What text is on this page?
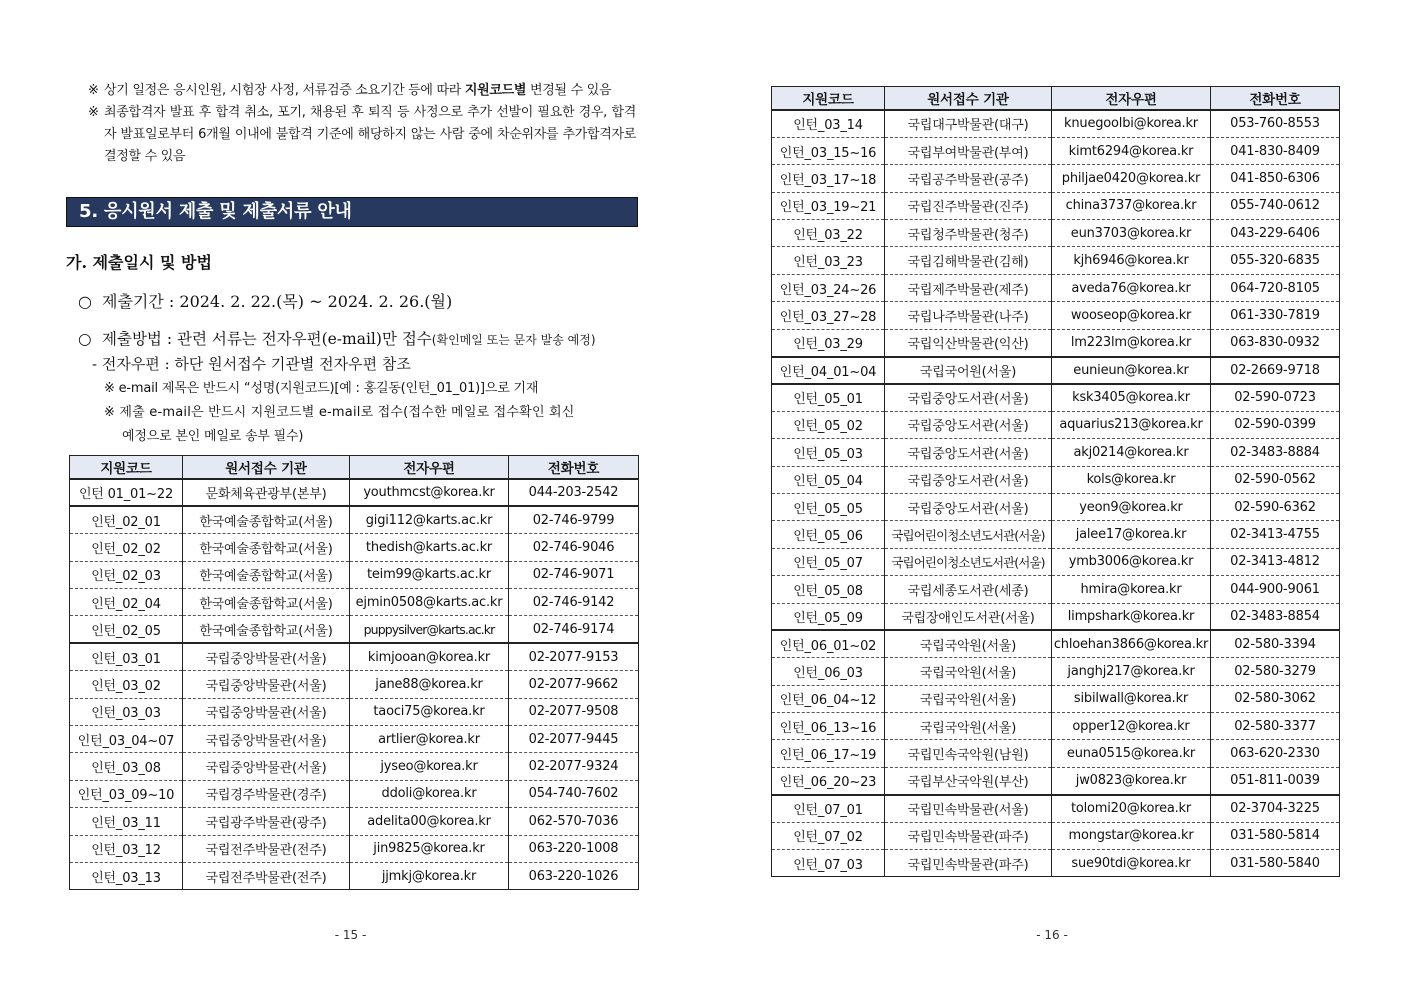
※ 상기 일정은 응시인원, 시험장 사정, 서류검증 소요기간 등에 따라 지원코드별 변경될 수 있음
※ 최종합격자 발표 후 합격 취소, 포기, 채용된 후 퇴직 등 사정으로 추가 선발이 필요한 경우, 합격자 발표일로부터 6개월 이내에 불합격 기준에 해당하지 않는 사람 중에 차순위자를 추가합격자로 결정할 수 있음
5. 응시원서 제출 및 제출서류 안내
가. 제출일시 및 방법
○ 제출기간 : 2024. 2. 22.(목) ~ 2024. 2. 26.(월)
○ 제출방법 : 관련 서류는 전자우편(e-mail)만 접수(확인메일 또는 문자 발송 예정)
- 전자우편 : 하단 원서접수 기관별 전자우편 참조
※ e-mail 제목은 반드시 “성명(지원코드)[예 : 홍길동(인턴_01_01)]으로 기재
※ 제출 e-mail은 반드시 지원코드별 e-mail로 접수(접수한 메일로 접수확인 회신
예정으로 본인 메일로 송부 필수)
지원코드	원서접수 기관	전자우편	전화번호
인턴 01_01~22	문화체육관광부(본부)	youthmcst@korea.kr	044-203-2542
인턴_02_01	한국예술종합학교(서울)	gigi112@karts.ac.kr	02-746-9799
인턴_02_02	한국예술종합학교(서울)	thedish@karts.ac.kr	02-746-9046
인턴_02_03	한국예술종합학교(서울)	teim99@karts.ac.kr	02-746-9071
인턴_02_04	한국예술종합학교(서울)	ejmin0508@karts.ac.kr	02-746-9142
인턴_02_05	한국예술종합학교(서울)	puppysilver@karts.ac.kr	02-746-9174
인턴_03_01	국립중앙박물관(서울)	kimjooan@korea.kr	02-2077-9153
인턴_03_02	국립중앙박물관(서울)	jane88@korea.kr	02-2077-9662
인턴_03_03	국립중앙박물관(서울)	taoci75@korea.kr	02-2077-9508
인턴_03_04~07	국립중앙박물관(서울)	artlier@korea.kr	02-2077-9445
인턴_03_08	국립중앙박물관(서울)	jyseo@korea.kr	02-2077-9324
인턴_03_09~10	국립경주박물관(경주)	ddoli@korea.kr	054-740-7602
인턴_03_11	국립광주박물관(광주)	adelita00@korea.kr	062-570-7036
인턴_03_12	국립전주박물관(전주)	jin9825@korea.kr	063-220-1008
인턴_03_13	국립전주박물관(전주)	jjmkj@korea.kr	063-220-1026
- 15 -
지원코드	원서접수 기관	전자우편	전화번호
인턴_03_14	국립대구박물관(대구)	knuegoolbi@korea.kr	053-760-8553
인턴_03_15~16	국립부여박물관(부여)	kimt6294@korea.kr	041-830-8409
인턴_03_17~18	국립공주박물관(공주)	philjae0420@korea.kr	041-850-6306
인턴_03_19~21	국립진주박물관(진주)	china3737@korea.kr	055-740-0612
인턴_03_22	국립청주박물관(청주)	eun3703@korea.kr	043-229-6406
인턴_03_23	국립김해박물관(김해)	kjh6946@korea.kr	055-320-6835
인턴_03_24~26	국립제주박물관(제주)	aveda76@korea.kr	064-720-8105
인턴_03_27~28	국립나주박물관(나주)	wooseop@korea.kr	061-330-7819
인턴_03_29	국립익산박물관(익산)	lm223lm@korea.kr	063-830-0932
인턴_04_01~04	국립국어원(서울)	eunieun@korea.kr	02-2669-9718
인턴_05_01	국립중앙도서관(서울)	ksk3405@korea.kr	02-590-0723
인턴_05_02	국립중앙도서관(서울)	aquarius213@korea.kr	02-590-0399
인턴_05_03	국립중앙도서관(서울)	akj0214@korea.kr	02-3483-8884
인턴_05_04	국립중앙도서관(서울)	kols@korea.kr	02-590-0562
인턴_05_05	국립중앙도서관(서울)	yeon9@korea.kr	02-590-6362
인턴_05_06	국립어린이청소년도서관(서울)	jalee17@korea.kr	02-3413-4755
인턴_05_07	국립어린이청소년도서관(서울)	ymb3006@korea.kr	02-3413-4812
인턴_05_08	국립세종도서관(세종)	hmira@korea.kr	044-900-9061
인턴_05_09	국립장애인도서관(서울)	limpshark@korea.kr	02-3483-8854
인턴_06_01~02	국립국악원(서울)	chloehan3866@korea.kr	02-580-3394
인턴_06_03	국립국악원(서울)	janghj217@korea.kr	02-580-3279
인턴_06_04~12	국립국악원(서울)	sibilwall@korea.kr	02-580-3062
인턴_06_13~16	국립국악원(서울)	opper12@korea.kr	02-580-3377
인턴_06_17~19	국립민속국악원(남원)	euna0515@korea.kr	063-620-2330
인턴_06_20~23	국립부산국악원(부산)	jw0823@korea.kr	051-811-0039
인턴_07_01	국립민속박물관(서울)	tolomi20@korea.kr	02-3704-3225
인턴_07_02	국립민속박물관(파주)	mongstar@korea.kr	031-580-5814
인턴_07_03	국립민속박물관(파주)	sue90tdi@korea.kr	031-580-5840
- 16 -
